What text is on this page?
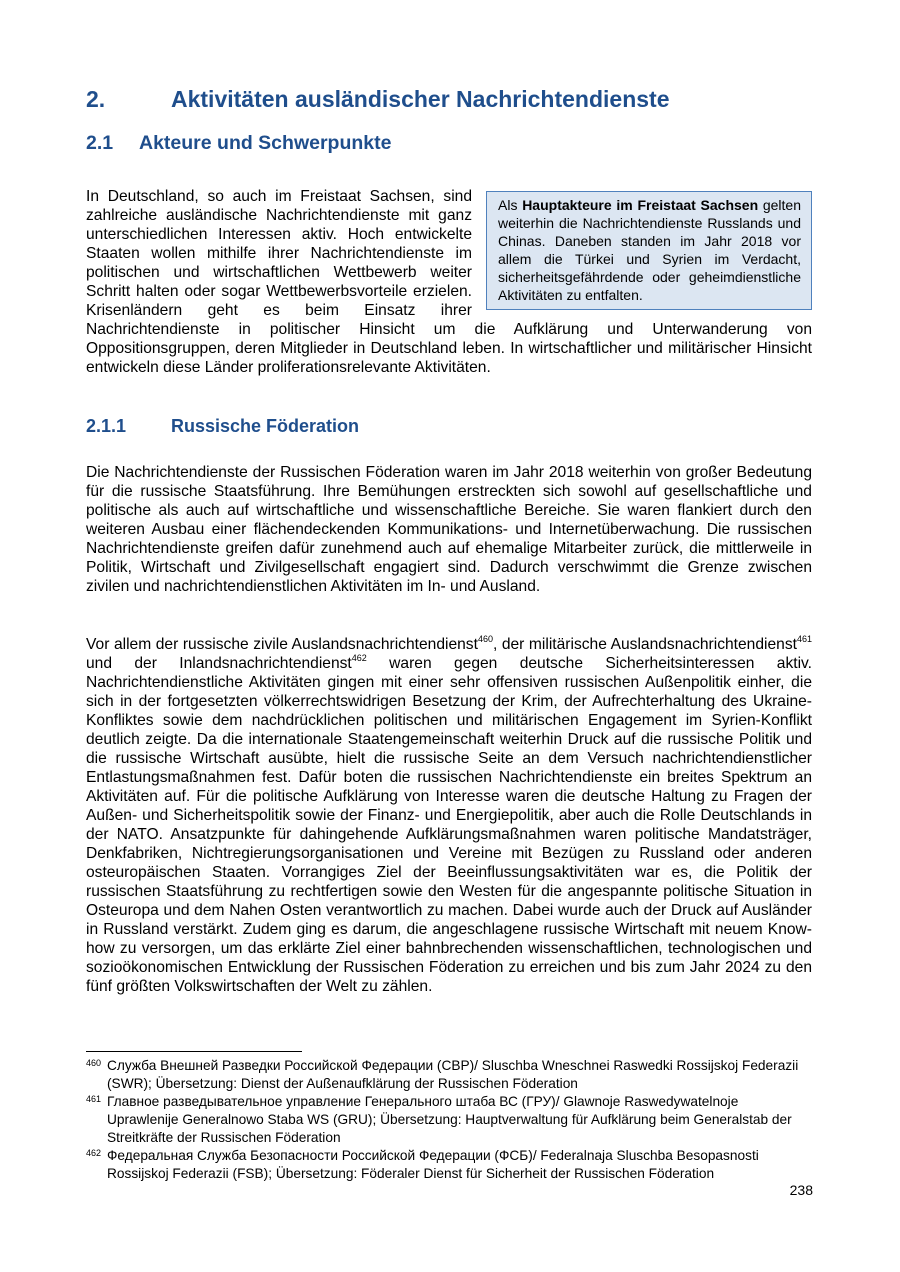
2.	Aktivitäten ausländischer Nachrichtendienste
2.1 Akteure und Schwerpunkte
Als Hauptakteure im Freistaat Sachsen gelten weiterhin die Nachrichtendienste Russlands und Chinas. Daneben standen im Jahr 2018 vor allem die Türkei und Syrien im Verdacht, sicherheitsgefährdende oder geheimdienstliche Aktivitäten zu entfalten.

In Deutschland, so auch im Freistaat Sachsen, sind zahlreiche ausländische Nachrichtendienste mit ganz unterschiedlichen Interessen aktiv. Hoch entwickelte Staaten wollen mithilfe ihrer Nachrichtendienste im politischen und wirtschaftlichen Wettbewerb weiter Schritt halten oder sogar Wettbewerbsvorteile erzielen. Krisenländern geht es beim Einsatz ihrer Nachrichtendienste in politischer Hinsicht um die Aufklärung und Unterwanderung von Oppositionsgruppen, deren Mitglieder in Deutschland leben. In wirtschaftlicher und militärischer Hinsicht entwickeln diese Länder proliferationsrelevante Aktivitäten.

2.1.1 Russische Föderation

Die Nachrichtendienste der Russischen Föderation waren im Jahr 2018 weiterhin von großer Bedeutung für die russische Staatsführung. Ihre Bemühungen erstreckten sich sowohl auf gesellschaftliche und politische als auch auf wirtschaftliche und wissenschaftliche Bereiche. Sie waren flankiert durch den weiteren Ausbau einer flächendeckenden Kommunikations- und Internetüberwachung. Die russischen Nachrichtendienste greifen dafür zunehmend auch auf ehemalige Mitarbeiter zurück, die mittlerweile in Politik, Wirtschaft und Zivilgesellschaft engagiert sind. Dadurch verschwimmt die Grenze zwischen zivilen und nachrichtendienstlichen Aktivitäten im In- und Ausland.

Vor allem der russische zivile Auslandsnachrichtendienst$^{460}$, der militärische Auslandsnachrichtendienst$^{461}$ und der Inlandsnachrichtendienst$^{462}$ waren gegen deutsche Sicherheitsinteressen aktiv. Nachrichtendienstliche Aktivitäten gingen mit einer sehr offensiven russischen Außenpolitik einher, die sich in der fortgesetzten völkerrechtswidrigen Besetzung der Krim, der Aufrechterhaltung des Ukraine-Konfliktes sowie dem nachdrücklichen politischen und militärischen Engagement im Syrien-Konflikt deutlich zeigte. Da die internationale Staatengemeinschaft weiterhin Druck auf die russische Politik und die russische Wirtschaft ausübte, hielt die russische Seite an dem Versuch nachrichtendienstlicher Entlastungsmaßnahmen fest. Dafür boten die russischen Nachrichtendienste ein breites Spektrum an Aktivitäten auf. Für die politische Aufklärung von Interesse waren die deutsche Haltung zu Fragen der Außen- und Sicherheitspolitik sowie der Finanz- und Energiepolitik, aber auch die Rolle Deutschlands in der NATO. Ansatzpunkte für dahingehende Aufklärungsmaßnahmen waren politische Mandatsträger, Denkfabriken, Nichtregierungsorganisationen und Vereine mit Bezügen zu Russland oder anderen osteuropäischen Staaten. Vorrangiges Ziel der Beeinflussungsaktivitäten war es, die Politik der russischen Staatsführung zu rechtfertigen sowie den Westen für die angespannte politische Situation in Osteuropa und dem Nahen Osten verantwortlich zu machen. Dabei wurde auch der Druck auf Ausländer in Russland verstärkt. Zudem ging es darum, die angeschlagene russische Wirtschaft mit neuem Know-how zu versorgen, um das erklärte Ziel einer bahnbrechenden wissenschaftlichen, technologischen und sozioökonomischen Entwicklung der Russischen Föderation zu erreichen und bis zum Jahr 2024 zu den fünf größten Volkswirtschaften der Welt zu zählen.

460 Служба Внешней Разведки Российской Федерации (СВР)/ Sluschba Wneschnei Raswedki Rossijskoj Federazii (SWR); Übersetzung: Dienst der Außenaufklärung der Russischen Föderation
461 Главное разведывательное управление Генерального штаба ВС (ГРУ)/ Glawnoje Raswedywatelnoje Uprawlenije Generalnowo Staba WS (GRU); Übersetzung: Hauptverwaltung für Aufklärung beim Generalstab der Streitkräfte der Russischen Föderation
462 Федеральная Служба Безопасности Российской Федерации (ФСБ)/ Federalnaja Sluschba Besopasnosti Rossijskoj Federazii (FSB); Übersetzung: Föderaler Dienst für Sicherheit der Russischen Föderation
238
